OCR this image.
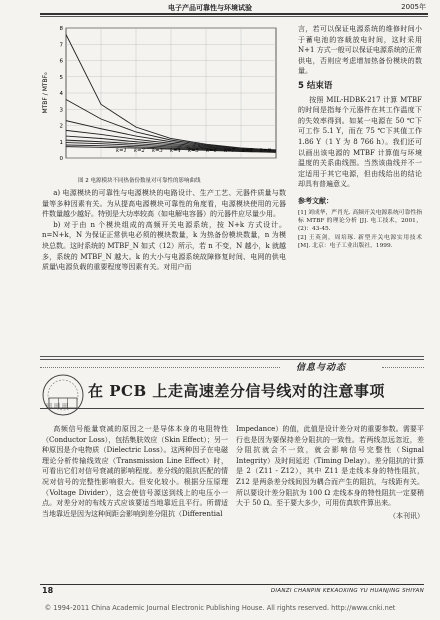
电子产品可靠性与环境试验	2005年
0
1
2
3
4
5
6
7
8
MTBF / MTBF₀
k=1 k=2 k=3 k=4 k=5 k=6 k=7 k=8 k=9
图 2 电源模块不同热备份数量对可靠性的影响曲线

a) 电源模块的可靠性与电源模块的电路设计、生产工艺、元器件质量与数量等多种因素有关。为从提高电源模块可靠性的角度看，电源模块使用的元器件数量越少越好。特别是大功率较高（如电解电容器）的元器件应尽量少用。

b) 对于由 n 个模块组成的高频开关电源系统，按 N+k 方式设计。n=N+k，N 为保证正常供电必须的模块数量，k 为热备份模块数量，n 为模块总数。这时系统的 MTBF_N 如式（12）所示，若 n 不变，N 越小，k 就越多，系统的 MTBF_N 越大。k 的大小与电源系统故障修复时间、电网的供电质量\电源负载的重要程度等因素有关。对用户而

言，若可以保证电源系统的维修时间小于蓄电池的容载放电时间，这时采用 N+1 方式一般可以保证电源系统的正常供电，否则应考虑增加热备份模块的数量。

5 结束语

按照 MIL-HDBK-217 计算 MTBF 的时间是指每个元器件在其工作温度下的失效率得到。如某一电源在 50 ℃下可工作 5.1 Y，而在 75 ℃下其值工作 1.86 Y（1 Y 为 8 766 h）。我们还可以画出该电源的 MTBF 计算值与环境温度的关系曲线图。当然该曲线并不一定适用于其它电源，但由线给出的结论却具有普遍意义。

参考文献：

[1] 刘成华，严肖光. 高频开关电源系统可靠性指标 MTBF 的理论分析 [J]. 电工技术，2001，(2)：43-45.

[2] 王英剑，周培琢. 新型开关电源实用技术 [M]. 北京：电子工业出版社，1999.

信息与动态
田田田
在 PCB 上走高速差分信号线对的注意事项

高频信号能量衰减的原因之一是导体本身的电阻特性（Conductor Loss），包括集肤效应（Skin Effect）；另一种原因是介电物质（Dielectric Loss）。这两种因子在电磁理论分析传输线效应（Transmission Line Effect）时，可看出它们对信号衰减的影响程度。差分线的阻抗匹配的情况对信号的完整性影响很大。但安化较小。根据分压原理（Voltage Divider），这会使信号源送到线上的电压小一点。对差分对的布线方式应该要适当地靠近且平行。所谓适当地靠近是因为这种间距会影响到差分阻抗（Differential

Impedance）的值，此值是设计差分对的重要参数。需要平行也是因为要保持差分阻抗的一致性。若两线忽远忽近，差分阻抗就会不一致，就会影响信号完整性（Signal Integrity）及时间延迟（Timing Delay）。差分阻抗的计算是 2（Z11 - Z12），其中 Z11 是走线本身的特性阻抗，Z12 是两条差分线间因为耦合而产生的阻抗，与线距有关。所以要设计差分阻抗为 100 Ω 走线本身的特性阻抗一定要稍大于 50 Ω。至于要大多少，可用仿真软件算出来。

（本刊讯）

18	DIANZI CHANPIN KEKAOXING YU HUANJING SHIYAN
© 1994-2011 China Academic Journal Electronic Publishing House. All rights reserved. http://www.cnki.net
